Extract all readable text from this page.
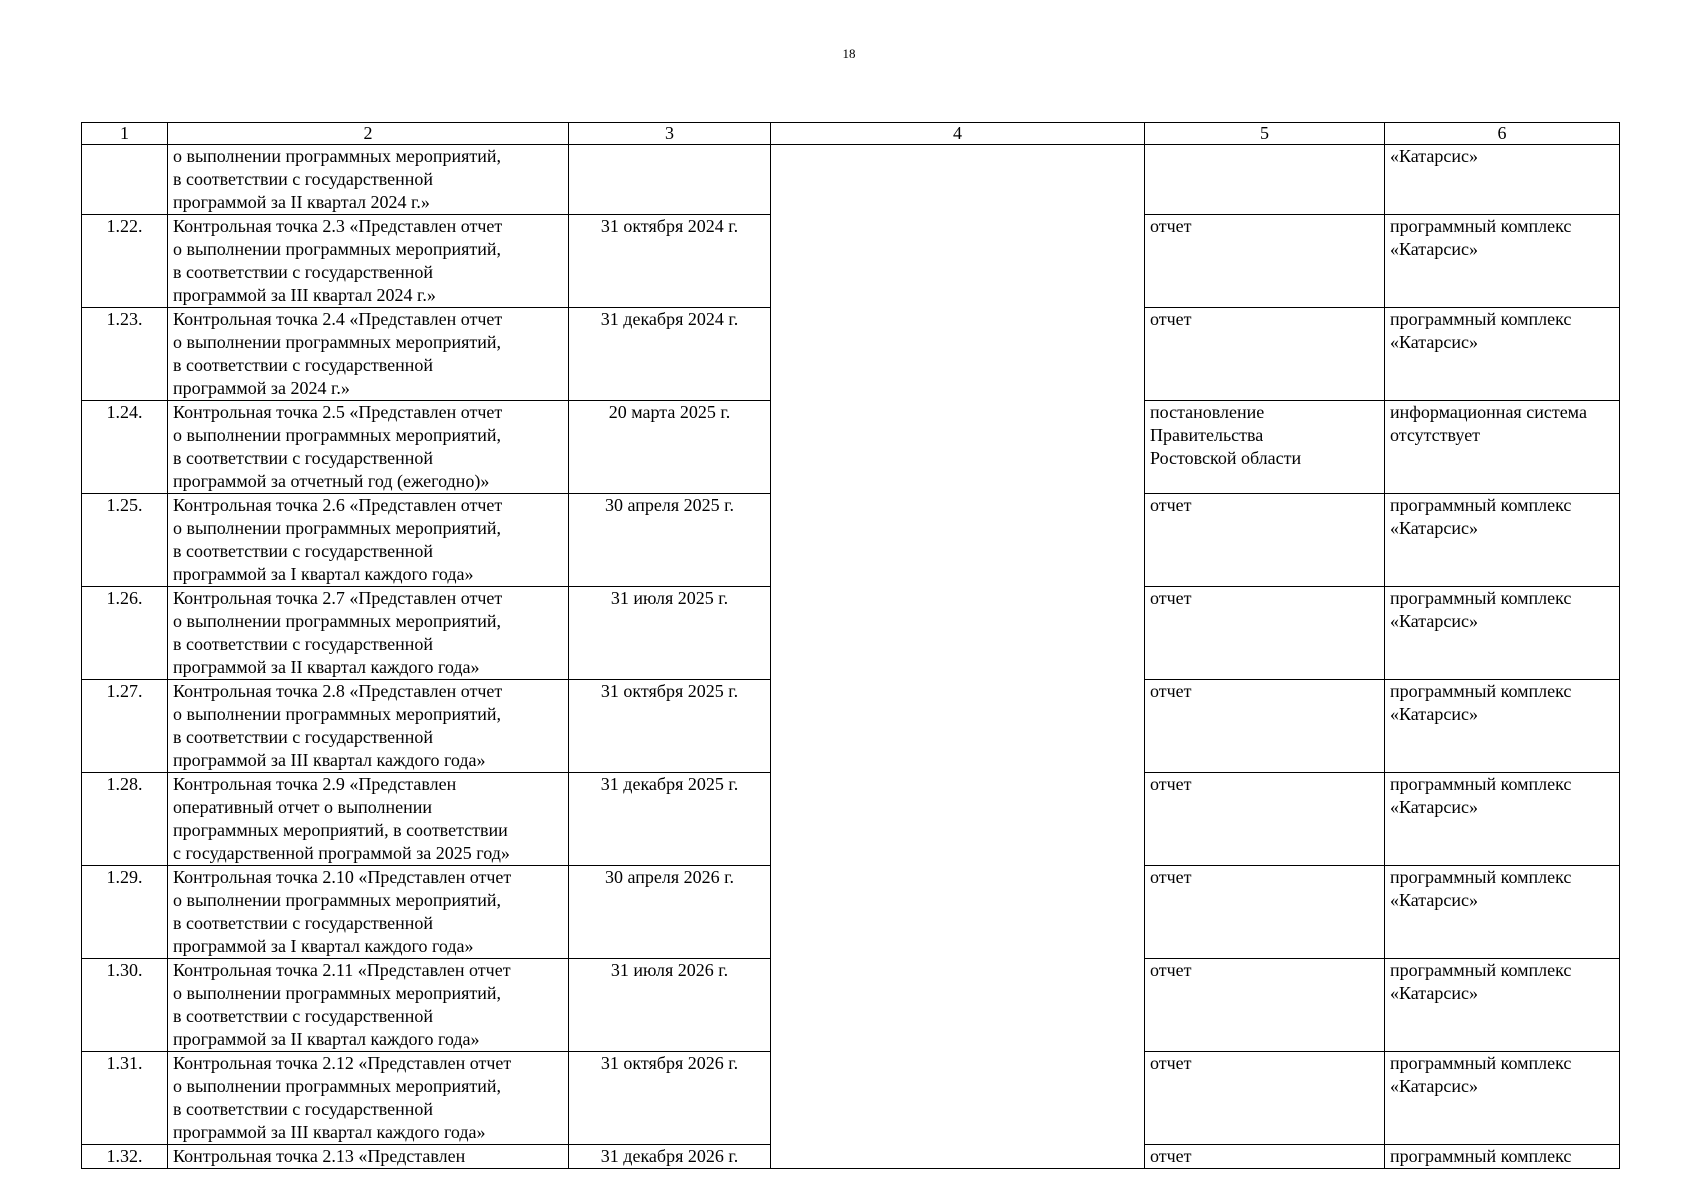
18
1	2	3	4	5	6
	о выполнении программных мероприятий,
в соответствии с государственной
программой за II квартал 2024 г.»				«Катарсис»
1.22.	Контрольная точка 2.3 «Представлен отчет
о выполнении программных мероприятий,
в соответствии с государственной
программой за III квартал 2024 г.»	31 октября 2024 г.		отчет	программный комплекс
«Катарсис»
1.23.	Контрольная точка 2.4 «Представлен отчет
о выполнении программных мероприятий,
в соответствии с государственной
программой за 2024 г.»	31 декабря 2024 г.		отчет	программный комплекс
«Катарсис»
1.24.	Контрольная точка 2.5 «Представлен отчет
о выполнении программных мероприятий,
в соответствии с государственной
программой за отчетный год (ежегодно)»	20 марта 2025 г.		постановление
Правительства
Ростовской области	информационная система
отсутствует
1.25.	Контрольная точка 2.6 «Представлен отчет
о выполнении программных мероприятий,
в соответствии с государственной
программой за I квартал каждого года»	30 апреля 2025 г.		отчет	программный комплекс
«Катарсис»
1.26.	Контрольная точка 2.7 «Представлен отчет
о выполнении программных мероприятий,
в соответствии с государственной
программой за II квартал каждого года»	31 июля 2025 г.		отчет	программный комплекс
«Катарсис»
1.27.	Контрольная точка 2.8 «Представлен отчет
о выполнении программных мероприятий,
в соответствии с государственной
программой за III квартал каждого года»	31 октября 2025 г.		отчет	программный комплекс
«Катарсис»
1.28.	Контрольная точка 2.9 «Представлен
оперативный отчет о выполнении
программных мероприятий, в соответствии
с государственной программой за 2025 год»	31 декабря 2025 г.		отчет	программный комплекс
«Катарсис»
1.29.	Контрольная точка 2.10 «Представлен отчет
о выполнении программных мероприятий,
в соответствии с государственной
программой за I квартал каждого года»	30 апреля 2026 г.		отчет	программный комплекс
«Катарсис»
1.30.	Контрольная точка 2.11 «Представлен отчет
о выполнении программных мероприятий,
в соответствии с государственной
программой за II квартал каждого года»	31 июля 2026 г.		отчет	программный комплекс
«Катарсис»
1.31.	Контрольная точка 2.12 «Представлен отчет
о выполнении программных мероприятий,
в соответствии с государственной
программой за III квартал каждого года»	31 октября 2026 г.		отчет	программный комплекс
«Катарсис»
1.32.	Контрольная точка 2.13 «Представлен	31 декабря 2026 г.		отчет	программный комплекс
